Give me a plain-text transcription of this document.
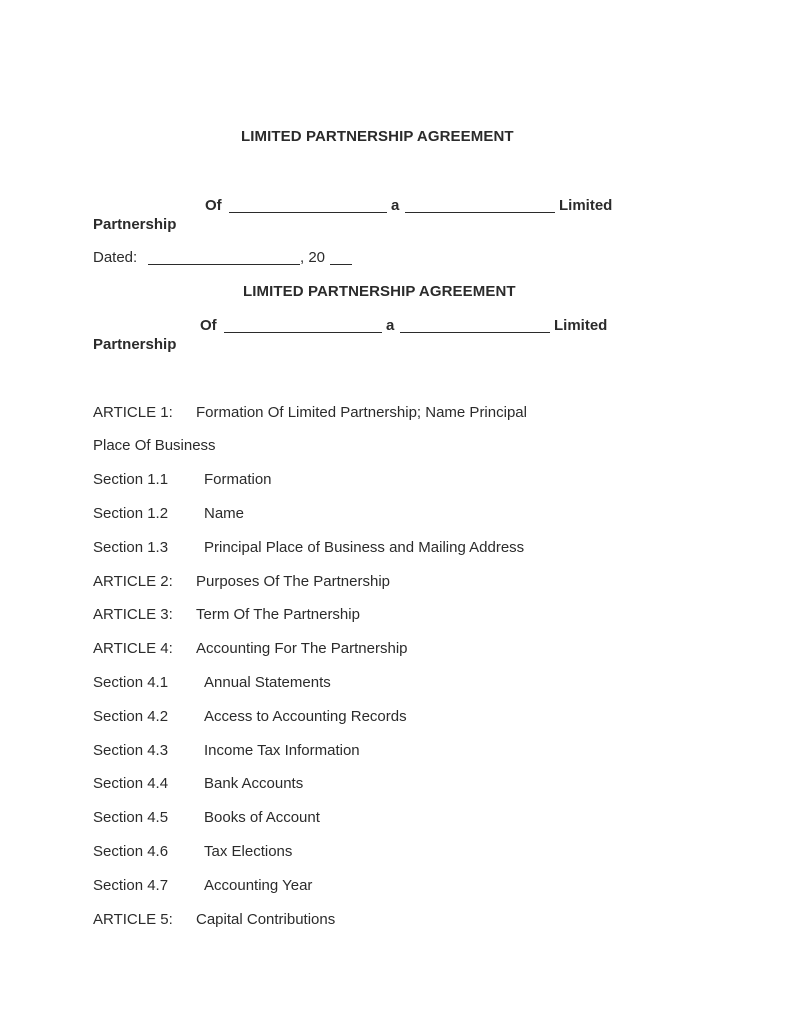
LIMITED PARTNERSHIP AGREEMENT
Of	a	Limited
Partnership
Dated:	, 20
LIMITED PARTNERSHIP AGREEMENT
Of	a	Limited
Partnership
ARTICLE 1: Formation Of Limited Partnership; Name Principal
Place Of Business
Section 1.1 Formation
Section 1.2 Name
Section 1.3 Principal Place of Business and Mailing Address
ARTICLE 2: Purposes Of The Partnership
ARTICLE 3: Term Of The Partnership
ARTICLE 4: Accounting For The Partnership
Section 4.1 Annual Statements
Section 4.2 Access to Accounting Records
Section 4.3 Income Tax Information
Section 4.4 Bank Accounts
Section 4.5 Books of Account
Section 4.6 Tax Elections
Section 4.7 Accounting Year
ARTICLE 5: Capital Contributions
